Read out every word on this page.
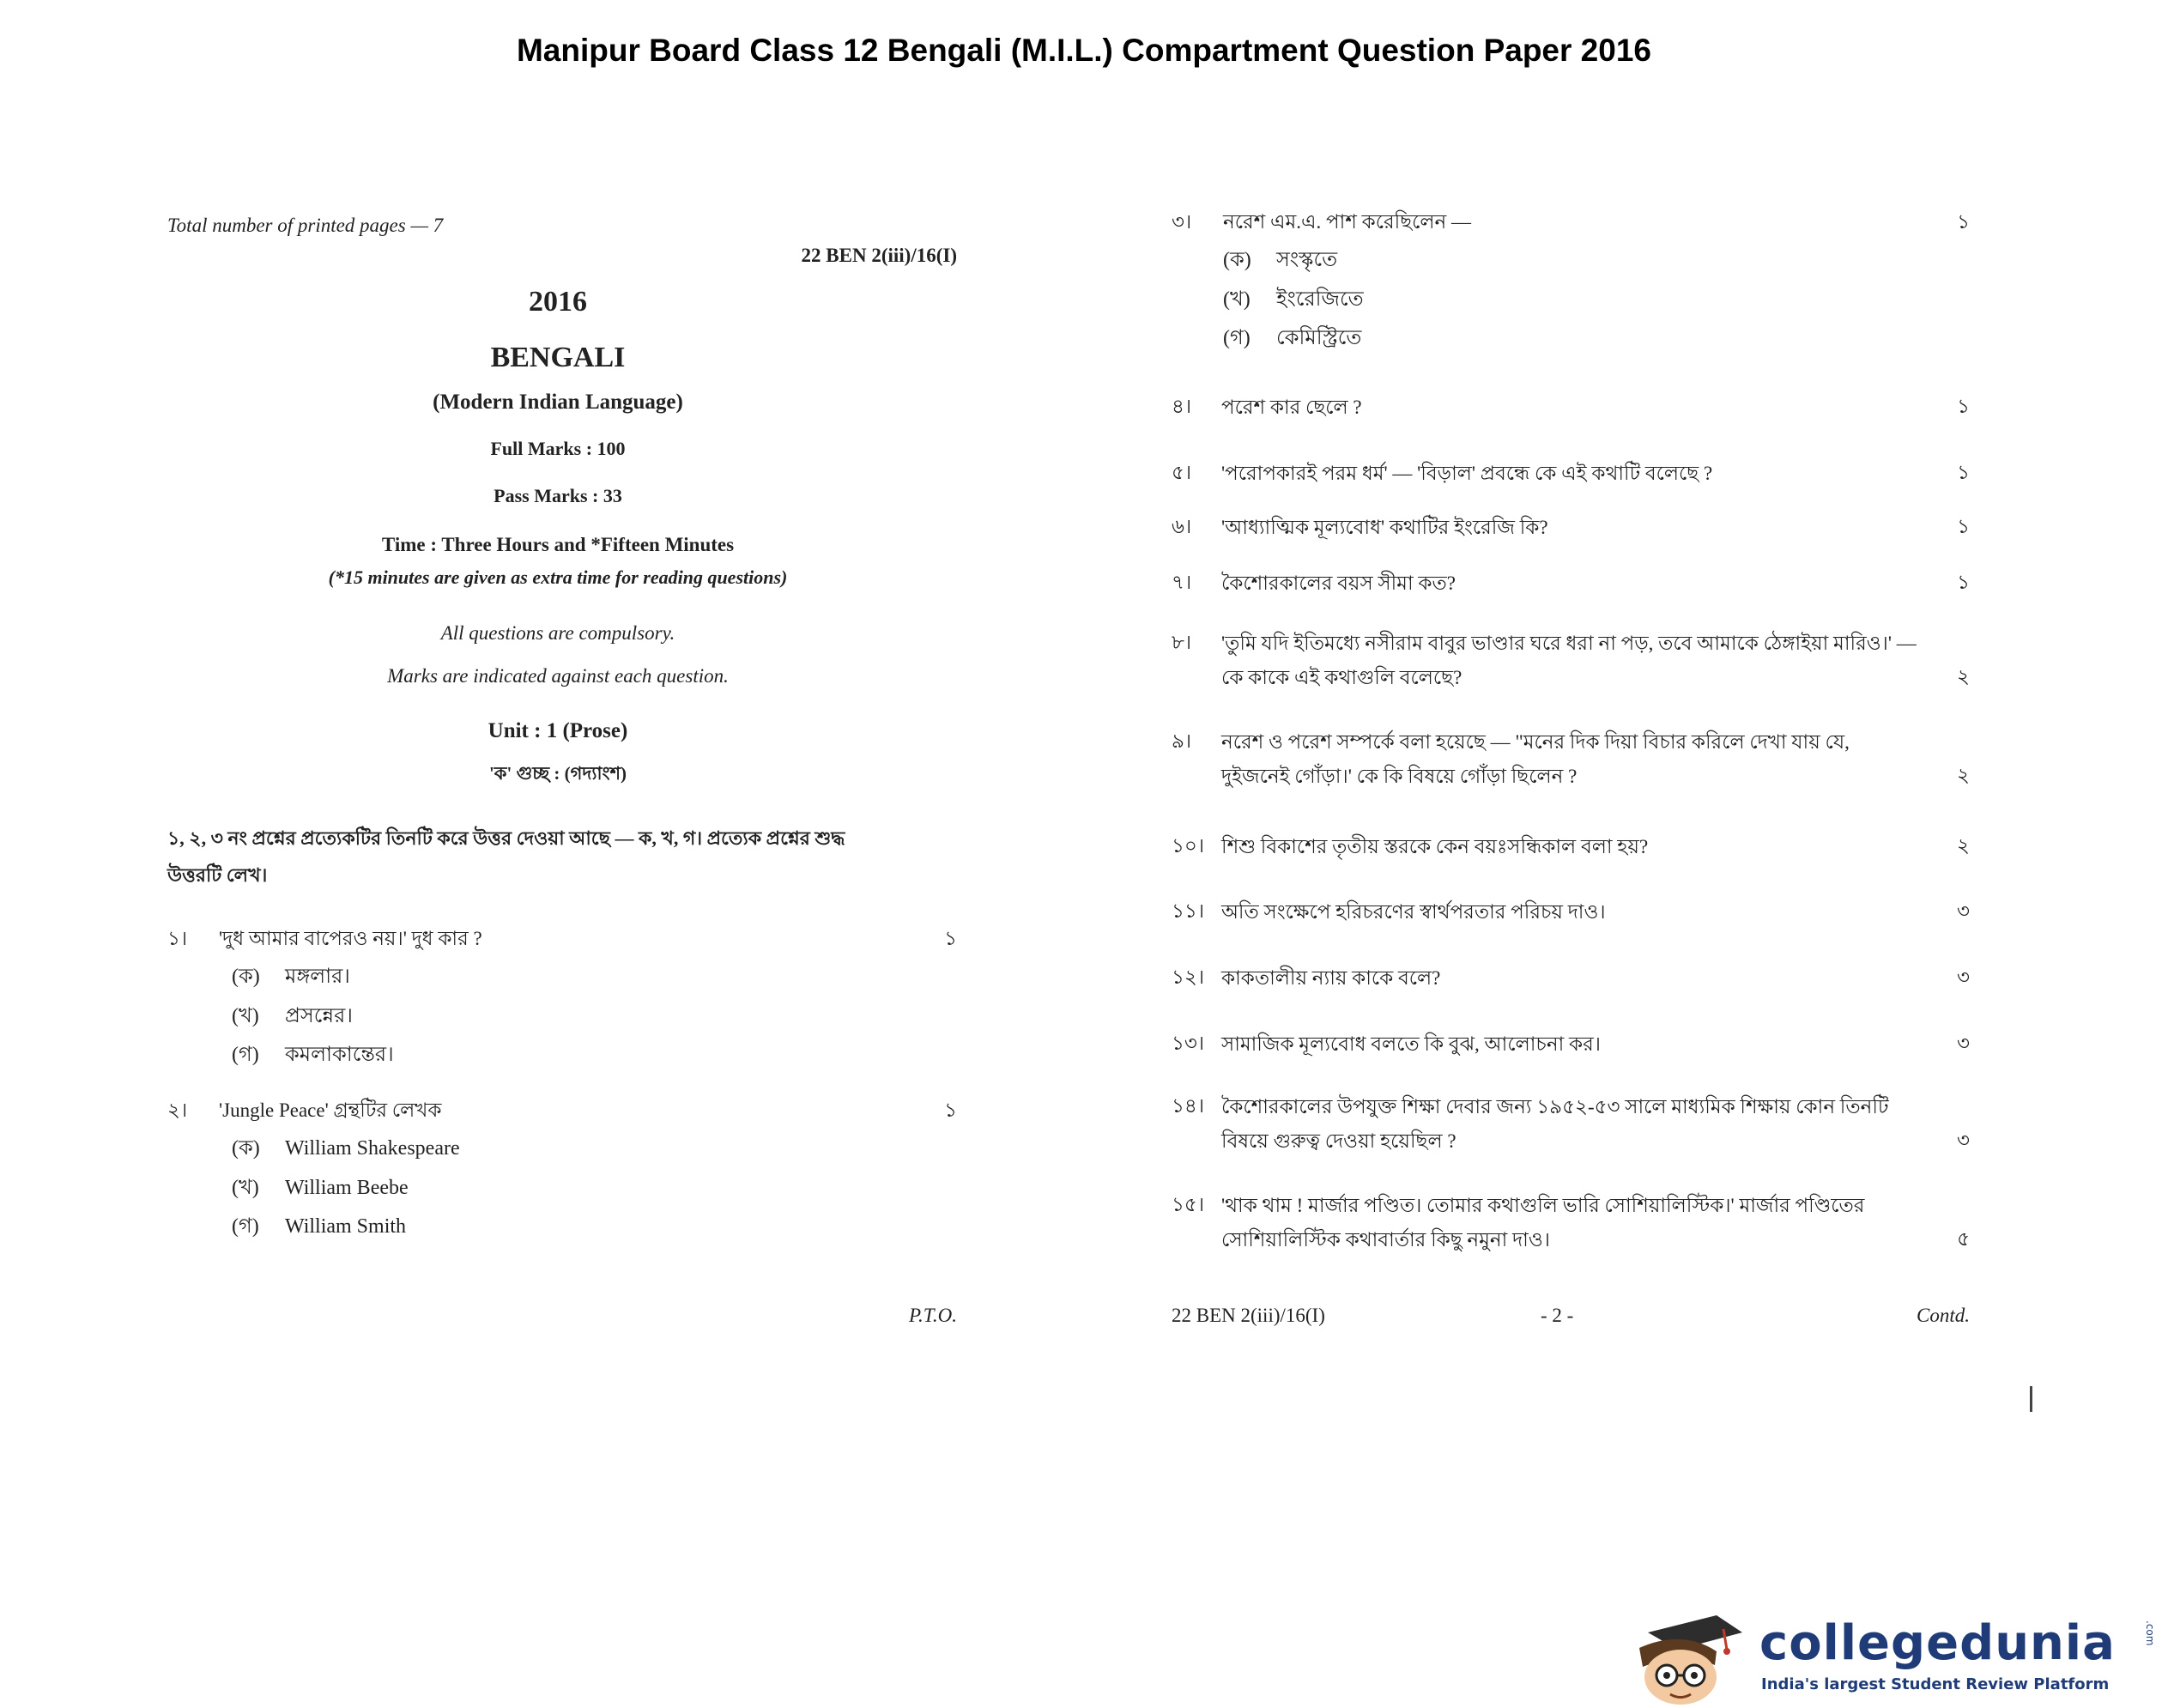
Manipur Board Class 12 Bengali (M.I.L.) Compartment Question Paper 2016
Total number of printed pages — 7
22 BEN 2(iii)/16(I)
2016
BENGALI
(Modern Indian Language)
Full Marks : 100
Pass Marks : 33
Time : Three Hours and *Fifteen Minutes
(*15 minutes are given as extra time for reading questions)
All questions are compulsory.
Marks are indicated against each question.
Unit : 1 (Prose)
'ক' গুচ্ছ : (গদ্যাংশ)
১, ২, ৩ নং প্রশ্নের প্রত্যেকটির তিনটি করে উত্তর দেওয়া আছে — ক, খ, গ। প্রত্যেক প্রশ্নের শুদ্ধ
উত্তরটি লেখ।
১।	'দুধ আমার বাপেরও নয়।' দুধ কার ?	১
(ক) মঙ্গলার।
(খ) প্রসন্নের।
(গ) কমলাকান্তের।
২।	'Jungle Peace' গ্রন্থটির লেখক	১
(ক) William Shakespeare
(খ) William Beebe
(গ) William Smith
P.T.O.
৩।	নরেশ এম.এ. পাশ করেছিলেন —	১
(ক) সংস্কৃতে
(খ) ইংরেজিতে
(গ) কেমিস্ট্রিতে
৪। পরেশ কার ছেলে ?	১
৫। 'পরোপকারই পরম ধর্ম' — 'বিড়াল' প্রবন্ধে কে এই কথাটি বলেছে ?	১
৬। 'আধ্যাত্মিক মূল্যবোধ' কথাটির ইংরেজি কি?	১
৭। কৈশোরকালের বয়স সীমা কত?	১
৮। 'তুমি যদি ইতিমধ্যে নসীরাম বাবুর ভাণ্ডার ঘরে ধরা না পড়, তবে আমাকে ঠেঙ্গাইয়া মারিও।' — কে কাকে এই কথাগুলি বলেছে?	২
৯। নরেশ ও পরেশ সম্পর্কে বলা হয়েছে — "মনের দিক দিয়া বিচার করিলে দেখা যায় যে, দুইজনেই গোঁড়া।' কে কি বিষয়ে গোঁড়া ছিলেন ?	২
১০। শিশু বিকাশের তৃতীয় স্তরকে কেন বয়ঃসন্ধিকাল বলা হয়?	২
১১। অতি সংক্ষেপে হরিচরণের স্বার্থপরতার পরিচয় দাও।	৩
১২। কাকতালীয় ন্যায় কাকে বলে?	৩
১৩। সামাজিক মূল্যবোধ বলতে কি বুঝ, আলোচনা কর।	৩
১৪। কৈশোরকালের উপযুক্ত শিক্ষা দেবার জন্য ১৯৫২-৫৩ সালে মাধ্যমিক শিক্ষায় কোন তিনটি বিষয়ে গুরুত্ব দেওয়া হয়েছিল ?	৩
১৫। 'থাক থাম ! মার্জার পণ্ডিত। তোমার কথাগুলি ভারি সোশিয়ালিস্টিক।' মার্জার পণ্ডিতের সোশিয়ালিস্টিক কথাবার্তার কিছু নমুনা দাও।	৫
22 BEN 2(iii)/16(I)	- 2 -	Contd.
collegedunia
India's largest Student Review Platform
.com
